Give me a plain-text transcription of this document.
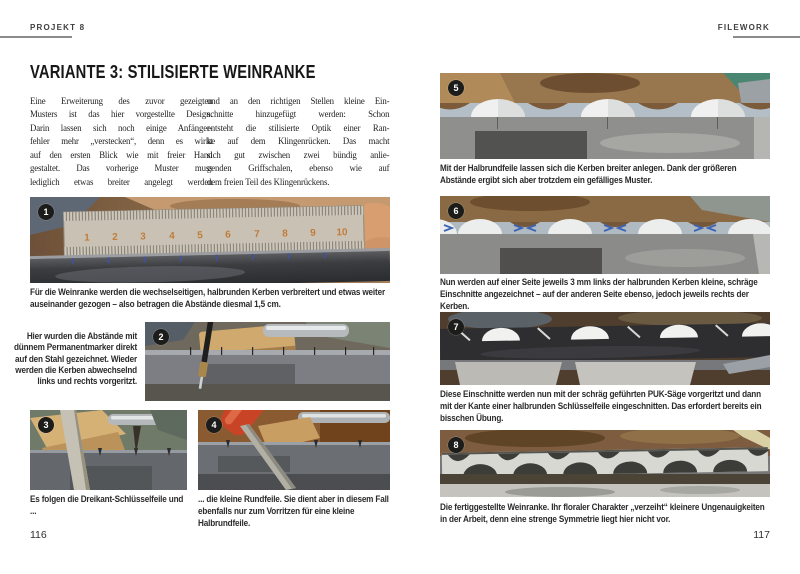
PROJEKT 8	FILEWORK
VARIANTE 3: STILISIERTE WEINRANKE
Eine Erweiterung des zuvor gezeigten
Musters ist das hier vorgestellte Design.
Darin lassen sich noch einige Anfänger-
fehler mehr „verstecken“, denn es wirkt
auf den ersten Blick wie mit freier Hand
gestaltet. Das vorherige Muster muss
lediglich etwas breiter angelegt werden
und an den richtigen Stellen kleine Ein-
schnitte hinzugefügt werden: Schon
entsteht die stilisierte Optik einer Ran-
ke auf dem Klingenrücken. Das macht
sich gut zwischen zwei bündig anlie-
genden Griffschalen, ebenso wie auf
dem freien Teil des Klingenrückens.
1 2 3 4 5 6 7 8 9 10
1
Für die Weinranke werden die wechselseitigen, halbrunden Kerben verbreitert und etwas weiter auseinander gezogen – also betragen die Abstände diesmal 1,5 cm.
Hier wurden die Abstände mit dünnem Permanentmarker direkt auf den Stahl gezeichnet. Wieder werden die Kerben abwechselnd links und rechts vorgeritzt.
2
3
Es folgen die Dreikant-Schlüsselfeile und ...
4
... die kleine Rundfeile. Sie dient aber in diesem Fall ebenfalls nur zum Vorritzen für eine kleine Halbrundfeile.
116
5
Mit der Halbrundfeile lassen sich die Kerben breiter anlegen. Dank der größeren Abstände ergibt sich aber trotzdem ein gefälliges Muster.
6
Nun werden auf einer Seite jeweils 3 mm links der halbrunden Kerben kleine, schräge Einschnitte angezeichnet – auf der anderen Seite ebenso, jedoch jeweils rechts der Kerben.
7
Diese Einschnitte werden nun mit der schräg geführten PUK-Säge vorgeritzt und dann mit der Kante einer halbrunden Schlüsselfeile eingeschnitten. Das erfordert bereits ein bisschen Übung.
8
Die fertiggestellte Weinranke. Ihr floraler Charakter „verzeiht“ kleinere Ungenauigkeiten in der Arbeit, denn eine strenge Symmetrie liegt hier nicht vor.
117
